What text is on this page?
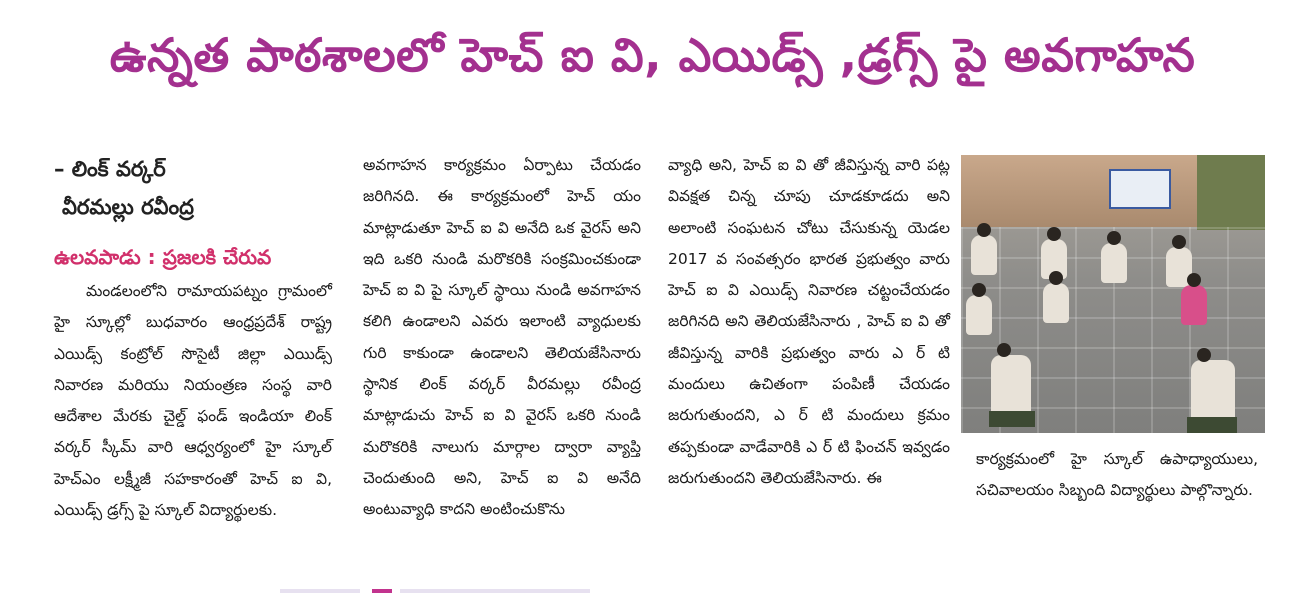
ఉన్నత పాఠశాలలో హెచ్ ఐ వి, ఎయిడ్స్ ,డ్రగ్స్ పై అవగాహన
– లింక్ వర్కర్
వీరమల్లు రవీంద్ర
ఉలవపాడు : ప్రజలకి చేరువ

మండలంలోని రామాయపట్నం గ్రామంలో హై స్కూల్లో బుధవారం ఆంధ్రప్రదేశ్ రాష్ట్ర ఎయిడ్స్ కంట్రోల్ సొసైటీ జిల్లా ఎయిడ్స్ నివారణ మరియు నియంత్రణ సంస్థ వారి ఆదేశాల మేరకు చైల్డ్ ఫండ్ ఇండియా లింక్ వర్కర్ స్కీమ్ వారి ఆధ్వర్యంలో హై స్కూల్ హెచ్ఎం లక్ష్మీజీ సహకారంతో హెచ్ ఐ వి, ఎయిడ్స్ డ్రగ్స్ పై స్కూల్ విద్యార్థులకు.

అవగాహన కార్యక్రమం ఏర్పాటు చేయడం జరిగినది. ఈ కార్యక్రమంలో హెచ్ యం మాట్లాడుతూ హెచ్ ఐ వి అనేది ఒక వైరస్ అని ఇది ఒకరి నుండి మరొకరికి సంక్రమించకుండా హెచ్ ఐ వి పై స్కూల్ స్థాయి నుండి అవగాహన కలిగి ఉండాలని ఎవరు ఇలాంటి వ్యాధులకు గురి కాకుండా ఉండాలని తెలియజేసినారు స్థానిక లింక్ వర్కర్ వీరమల్లు రవీంద్ర మాట్లాడుచు హెచ్ ఐ వి వైరస్ ఒకరి నుండి మరొకరికి నాలుగు మార్గాల ద్వారా వ్యాప్తి చెందుతుంది అని, హెచ్ ఐ వి అనేది అంటువ్యాధి కాదని అంటించుకొను

వ్యాధి అని, హెచ్ ఐ వి తో జీవిస్తున్న వారి పట్ల వివక్షత చిన్న చూపు చూడకూడదు అని అలాంటి సంఘటన చోటు చేసుకున్న యెడల 2017 వ సంవత్సరం భారత ప్రభుత్వం వారు హెచ్ ఐ వి ఎయిడ్స్ నివారణ చట్టంచేయడం జరిగినది అని తెలియజేసినారు , హెచ్ ఐ వి తో జీవిస్తున్న వారికి ప్రభుత్వం వారు ఎ ర్ టి మందులు ఉచితంగా పంపిణీ చేయడం జరుగుతుందని, ఎ ర్ టి మందులు క్రమం తప్పకుండా వాడేవారికి ఎ ర్ టి ఫించన్ ఇవ్వడం జరుగుతుందని తెలియజేసినారు. ఈ

కార్యక్రమంలో హై స్కూల్ ఉపాధ్యాయులు, సచివాలయం సిబ్బంది విద్యార్థులు పాల్గొన్నారు.
